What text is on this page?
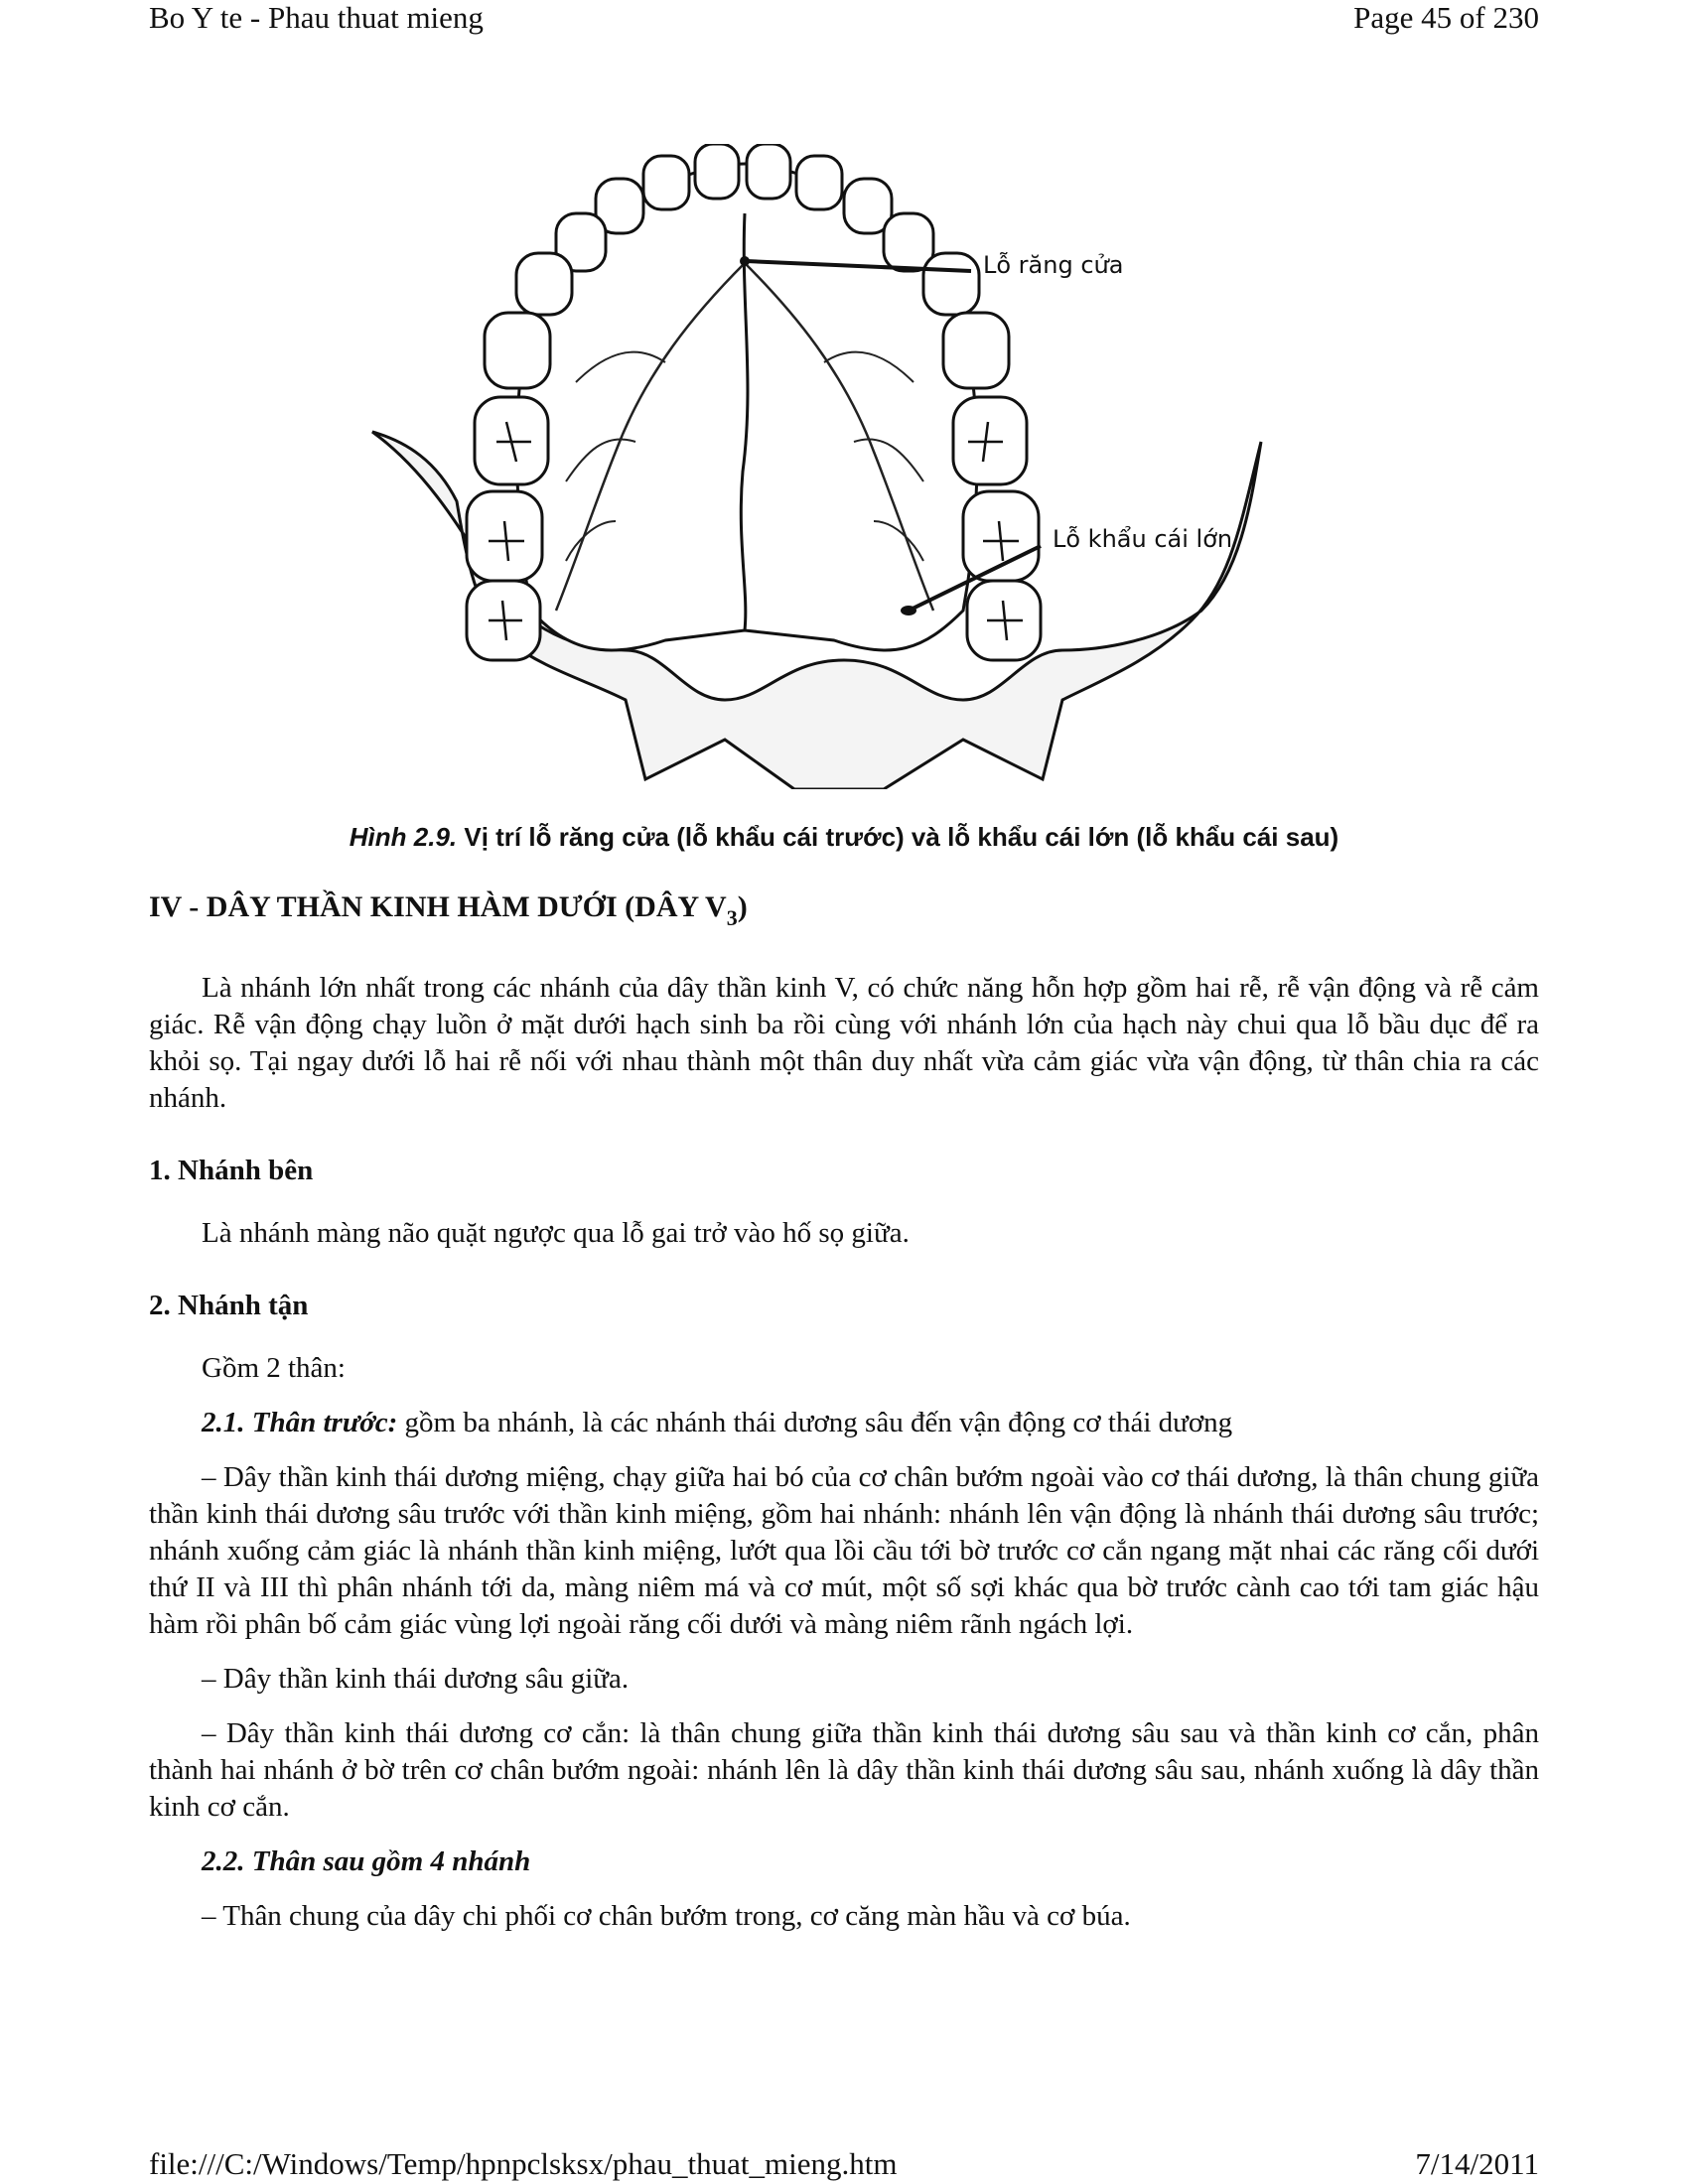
Bo Y te - Phau thuat mieng	Page 45 of 230
Lỗ răng cửa
Lỗ khẩu cái lớn
Hình 2.9. Vị trí lỗ răng cửa (lỗ khẩu cái trước) và lỗ khẩu cái lớn (lỗ khẩu cái sau)
IV - DÂY THẦN KINH HÀM DƯỚI (DÂY $V_3$)

Là nhánh lớn nhất trong các nhánh của dây thần kinh V, có chức năng hỗn hợp gồm hai rễ, rễ vận động và rễ cảm giác. Rễ vận động chạy luồn ở mặt dưới hạch sinh ba rồi cùng với nhánh lớn của hạch này chui qua lỗ bầu dục để ra khỏi sọ. Tại ngay dưới lỗ hai rễ nối với nhau thành một thân duy nhất vừa cảm giác vừa vận động, từ thân chia ra các nhánh.

1. Nhánh bên

Là nhánh màng não quặt ngược qua lỗ gai trở vào hố sọ giữa.

2. Nhánh tận

Gồm 2 thân:

2.1. Thân trước: gồm ba nhánh, là các nhánh thái dương sâu đến vận động cơ thái dương

– Dây thần kinh thái dương miệng, chạy giữa hai bó của cơ chân bướm ngoài vào cơ thái dương, là thân chung giữa thần kinh thái dương sâu trước với thần kinh miệng, gồm hai nhánh: nhánh lên vận động là nhánh thái dương sâu trước; nhánh xuống cảm giác là nhánh thần kinh miệng, lướt qua lồi cầu tới bờ trước cơ cắn ngang mặt nhai các răng cối dưới thứ II và III thì phân nhánh tới da, màng niêm má và cơ mút, một số sợi khác qua bờ trước cành cao tới tam giác hậu hàm rồi phân bố cảm giác vùng lợi ngoài răng cối dưới và màng niêm rãnh ngách lợi.

– Dây thần kinh thái dương sâu giữa.

– Dây thần kinh thái dương cơ cắn: là thân chung giữa thần kinh thái dương sâu sau và thần kinh cơ cắn, phân thành hai nhánh ở bờ trên cơ chân bướm ngoài: nhánh lên là dây thần kinh thái dương sâu sau, nhánh xuống là dây thần kinh cơ cắn.

2.2. Thân sau gồm 4 nhánh

– Thân chung của dây chi phối cơ chân bướm trong, cơ căng màn hầu và cơ búa.

file:///C:/Windows/Temp/hpnpclsksx/phau_thuat_mieng.htm	7/14/2011
